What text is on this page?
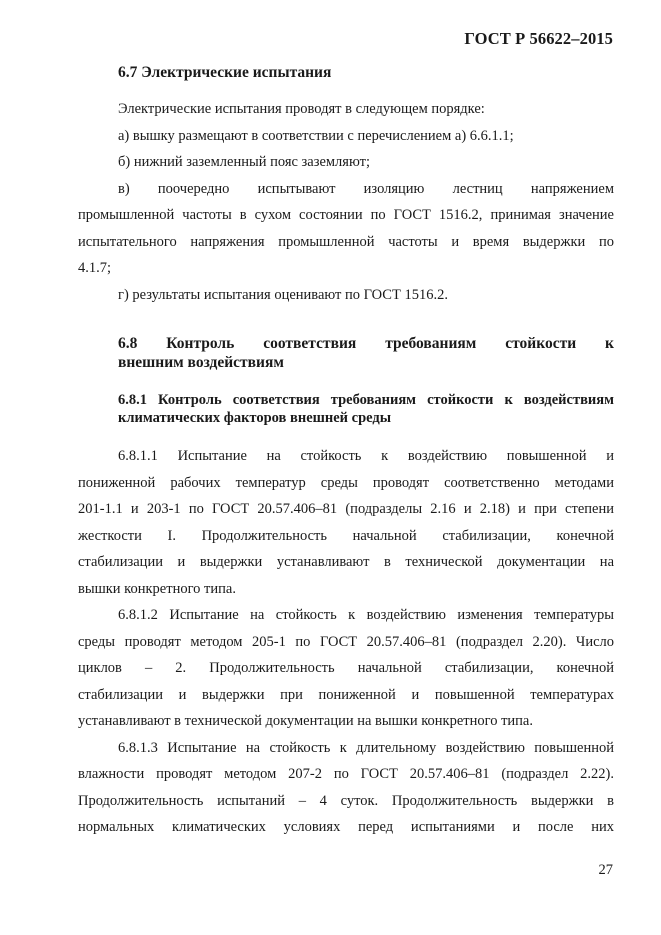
ГОСТ Р 56622–2015
6.7 Электрические испытания
Электрические испытания проводят в следующем порядке:
а) вышку размещают в соответствии с перечислением а) 6.6.1.1;
б) нижний заземленный пояс заземляют;
в) поочередно испытывают изоляцию лестниц напряжением
промышленной частоты в сухом состоянии по ГОСТ 1516.2, принимая значение
испытательного напряжения промышленной частоты и время выдержки по
4.1.7;
г) результаты испытания оценивают по ГОСТ 1516.2.
6.8 Контроль соответствия требованиям стойкости к
внешним воздействиям
6.8.1 Контроль соответствия требованиям стойкости к воздействиям климатических факторов внешней среды
6.8.1.1 Испытание на стойкость к воздействию повышенной и
пониженной рабочих температур среды проводят соответственно методами
201-1.1 и 203-1 по ГОСТ 20.57.406–81 (подразделы 2.16 и 2.18) и при степени
жесткости I. Продолжительность начальной стабилизации, конечной
стабилизации и выдержки устанавливают в технической документации на
вышки конкретного типа.
6.8.1.2 Испытание на стойкость к воздействию изменения температуры
среды проводят методом 205-1 по ГОСТ 20.57.406–81 (подраздел 2.20). Число
циклов – 2. Продолжительность начальной стабилизации, конечной
стабилизации и выдержки при пониженной и повышенной температурах
устанавливают в технической документации на вышки конкретного типа.
6.8.1.3 Испытание на стойкость к длительному воздействию повышенной
влажности проводят методом 207-2 по ГОСТ 20.57.406–81 (подраздел 2.22).
Продолжительность испытаний – 4 суток. Продолжительность выдержки в
нормальных климатических условиях перед испытаниями и после них
27
